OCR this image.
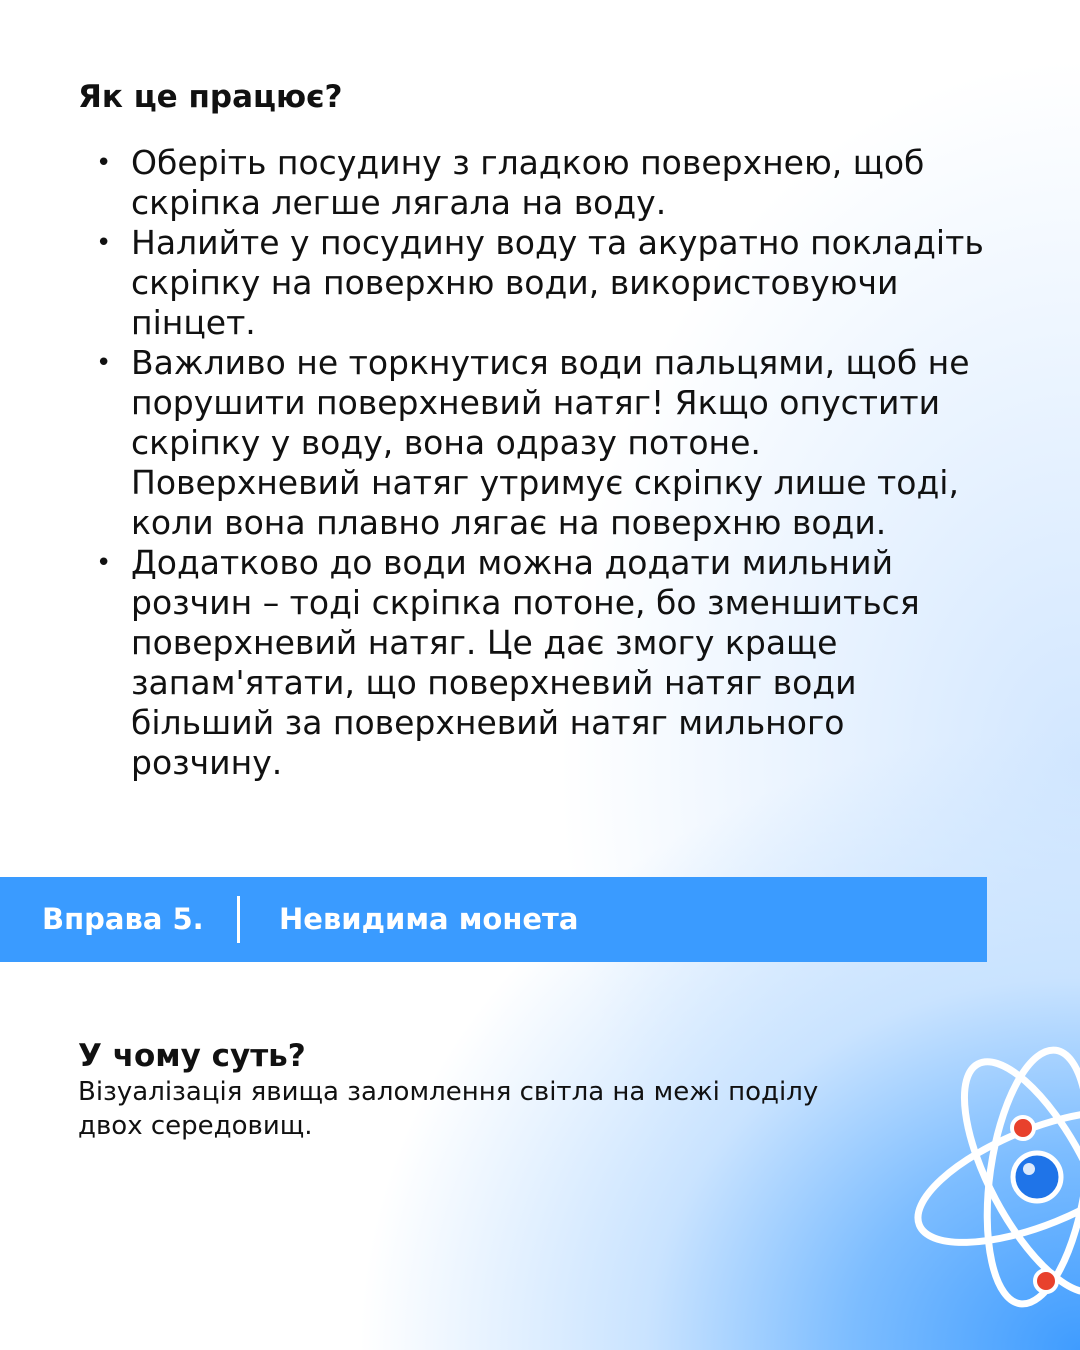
Як це працює?
• Оберіть посудину з гладкою поверхнею, щоб скріпка легше лягала на воду.
• Налийте у посудину воду та акуратно покладіть скріпку на поверхню води, використовуючи пінцет.
• Важливо не торкнутися води пальцями, щоб не порушити поверхневий натяг! Якщо опустити скріпку у воду, вона одразу потоне. Поверхневий натяг утримує скріпку лише тоді, коли вона плавно лягає на поверхню води.
• Додатково до води можна додати мильний розчин – тоді скріпка потоне, бо зменшиться поверхневий натяг. Це дає змогу краще запам'ятати, що поверхневий натяг води більший за поверхневий натяг мильного розчину.
Вправа 5.	Невидима монета
У чому суть?

Візуалізація явища заломлення світла на межі поділу двох середовищ.
